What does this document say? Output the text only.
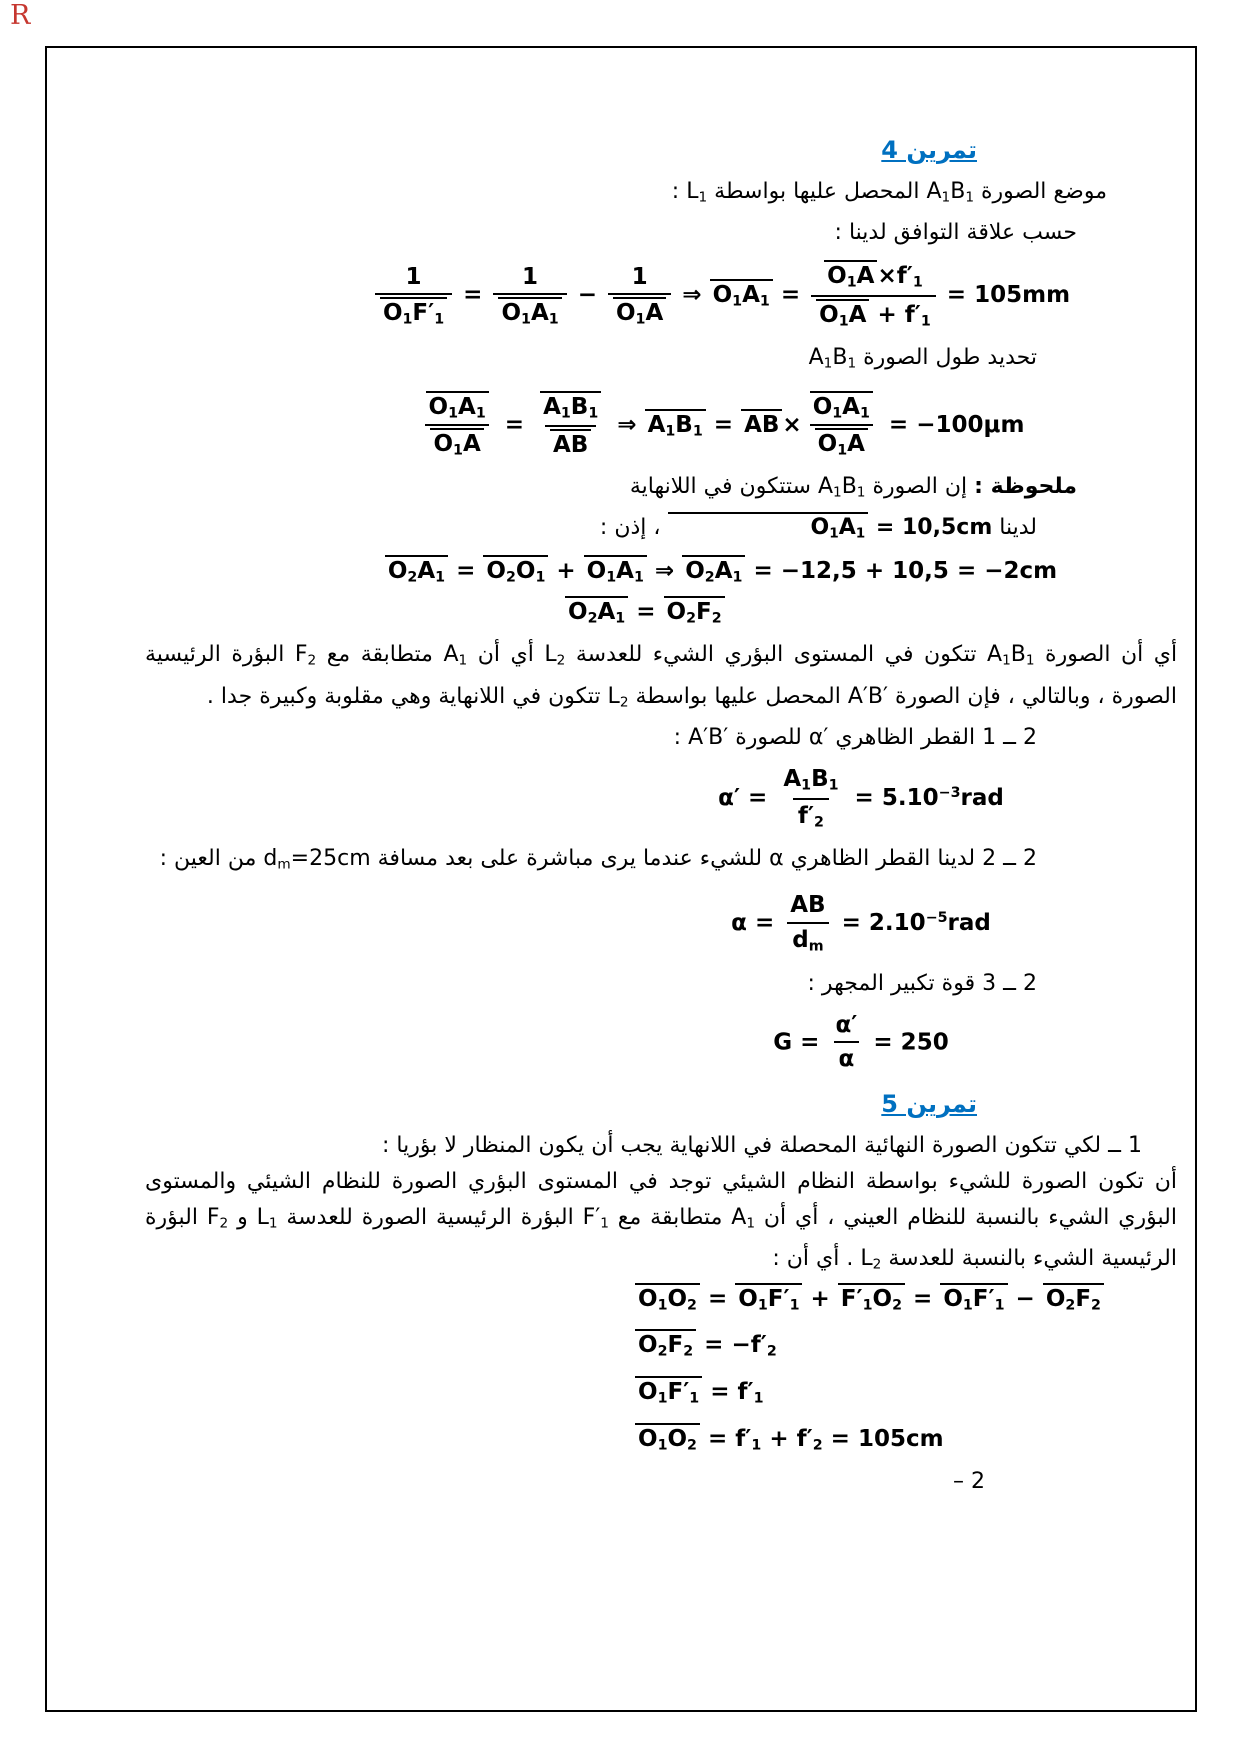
R
تمرين 4

موضع الصورة $A_1B_1$ المحصل عليها بواسطة $L_1$ :

حسب علقة التوافق لدينا :

$\frac{1}{O_1F'_1} = \frac{1}{O_1A_1} - \frac{1}{O_1A}$ ⇒ $O_1A_1 = \frac{O_1A \times f'_1}{O_1A + f'_1} = 105mm$

تحديد طول الصورة $A_1B_1$

$\frac{O_1A_1}{O_1A} = \frac{A_1B_1}{AB}$ ⇒ $A_1B_1$ = AB × $\frac{O_1A_1}{O_1A} = -100\mu m$

ملحوظة : إن الصورة $A_1B_1$ ستتكون في اللنهاية

لدينا $O_1A_1 = 10,5cm$ ، إذن :

$O_2A_1 = O_2O_1 + O_1A_1$ ⇒ $O_2A_1 = -12,5 + 10,5 = -2cm$
$O_2A_1 = O_2F_2$

أي أن الصورة $A_1B_1$ تتكون في المستوى البؤري الشيء للعدسة $L_2$ أي أن $A_1$ متطابقة مع $F_2$ البؤرة الرئيسية الصورة ، وبالتالي ، فإن الصورة A′B′ المحصل عليها بواسطة $L_2$ تتكون في اللنهاية وهي مقلوبة وكبيرة جدا .

2 ــ 1 القطر الظاهري α′ للصورة A′B′ :

$\alpha' = \frac{A_1B_1}{f'_2} = 5.10^{-3}rad$

2 ــ 2 لدينا القطر الظاهري α للشيء عندما يرى مباشرة على بعد مسافة $d_m=25cm$ من العين :

$\alpha = \frac{AB}{d_m} = 2.10^{-5}rad$

2 ــ 3 قوة تكبير المجهر :

$G = \frac{\alpha'}{\alpha} = 250$
تمرين 5

1 ــ لكي تتكون الصورة النهائية المحصلة في اللنهاية يجب أن يكون المنظار ل بؤريا :

أن تكون الصورة للشيء بواسطة النظام الشيئي توجد في المستوى البؤري الصورة للنظام الشيئي والمستوى البؤري الشيء بالنسبة للنظام العيني ، أي أن $A_1$ متطابقة مع $F'_1$ البؤرة الرئيسية الصورة للعدسة $L_1$ و $F_2$ البؤرة الرئيسية الشيء بالنسبة للعدسة $L_2$ . أي أن :

$O_1O_2 = O_1F'_1 + F'_1O_2 = O_1F'_1 - O_2F_2$
$O_2F_2 = -f'_2$
$O_1F'_1 = f'_1$
$O_1O_2 = f'_1 + f'_2 = 105cm$

– 2
